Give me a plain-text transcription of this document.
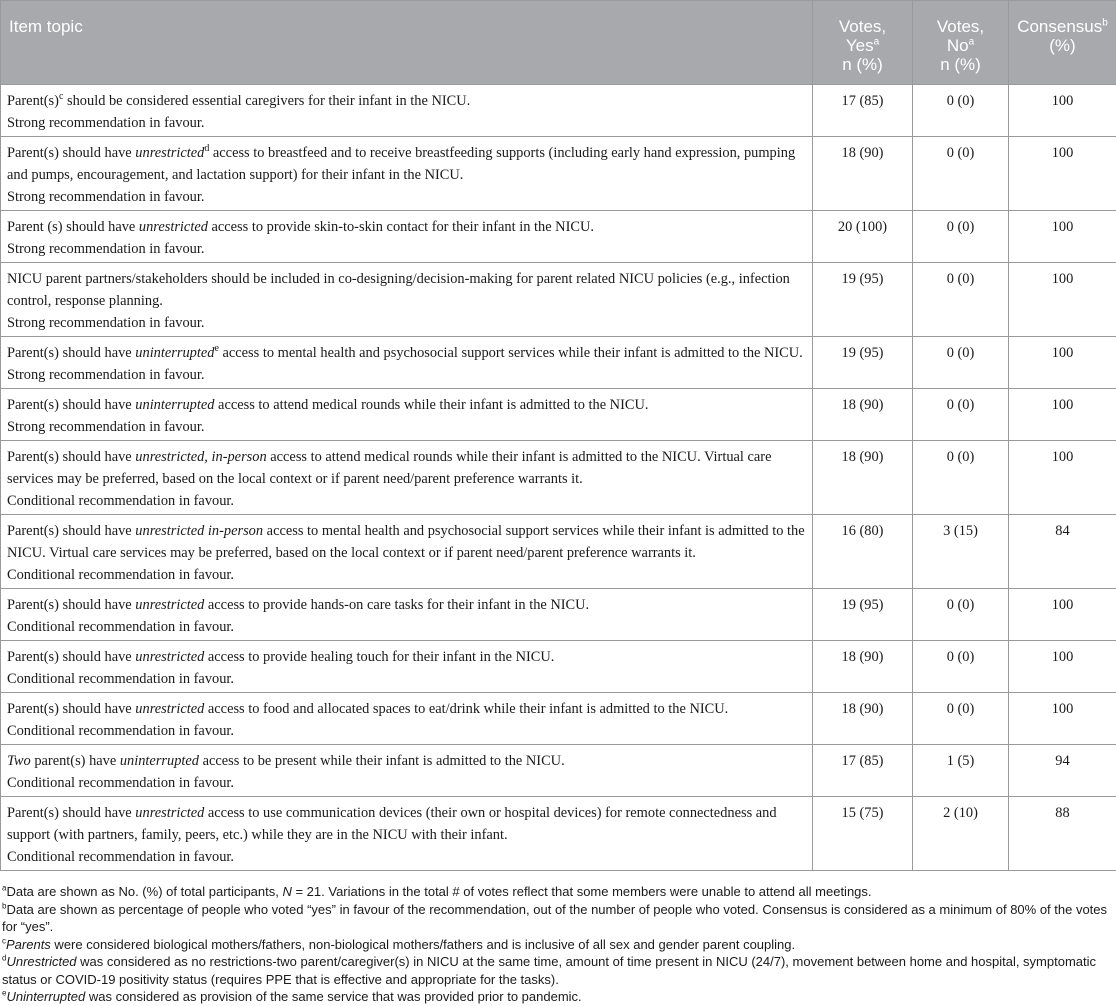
Item topic	Votes,
Yes$^a$
n (%)	Votes,
No$^a$
n (%)	Consensus$^b$
(%)
$Parent(s)^c$ should be considered essential caregivers for their infant in the NICU.
Strong recommendation in favour.	17 (85)	0 (0)	100
Parent(s) should have unrestricted$^d$ access to breastfeed and to receive breastfeeding supports (including early hand expression, pumping and pumps, encouragement, and lactation support) for their infant in the NICU.
Strong recommendation in favour.	18 (90)	0 (0)	100
Parent (s) should have unrestricted access to provide skin-to-skin contact for their infant in the NICU.
Strong recommendation in favour.	20 (100)	0 (0)	100
NICU parent partners/stakeholders should be included in co-designing/decision-making for parent related NICU policies (e.g., infection control, response planning.
Strong recommendation in favour.	19 (95)	0 (0)	100
Parent(s) should have uninterrupted$^e$ access to mental health and psychosocial support services while their infant is admitted to the NICU.
Strong recommendation in favour.	19 (95)	0 (0)	100
Parent(s) should have uninterrupted access to attend medical rounds while their infant is admitted to the NICU.
Strong recommendation in favour.	18 (90)	0 (0)	100
Parent(s) should have unrestricted, in-person access to attend medical rounds while their infant is admitted to the NICU. Virtual care services may be preferred, based on the local context or if parent need/parent preference warrants it.
Conditional recommendation in favour.	18 (90)	0 (0)	100
Parent(s) should have unrestricted in-person access to mental health and psychosocial support services while their infant is admitted to the NICU. Virtual care services may be preferred, based on the local context or if parent need/parent preference warrants it.
Conditional recommendation in favour.	16 (80)	3 (15)	84
Parent(s) should have unrestricted access to provide hands-on care tasks for their infant in the NICU.
Conditional recommendation in favour.	19 (95)	0 (0)	100
Parent(s) should have unrestricted access to provide healing touch for their infant in the NICU.
Conditional recommendation in favour.	18 (90)	0 (0)	100
Parent(s) should have unrestricted access to food and allocated spaces to eat/drink while their infant is admitted to the NICU.
Conditional recommendation in favour.	18 (90)	0 (0)	100
Two parent(s) have uninterrupted access to be present while their infant is admitted to the NICU.
Conditional recommendation in favour.	17 (85)	1 (5)	94
Parent(s) should have unrestricted access to use communication devices (their own or hospital devices) for remote connectedness and support (with partners, family, peers, etc.) while they are in the NICU with their infant.
Conditional recommendation in favour.	15 (75)	2 (10)	88

$^a$Data are shown as No. (%) of total participants, N = 21. Variations in the total # of votes reflect that some members were unable to attend all meetings.

$^b$Data are shown as percentage of people who voted “yes” in favour of the recommendation, out of the number of people who voted. Consensus is considered as a minimum of 80% of the votes for “yes”.

$^c$Parents were considered biological mothers/fathers, non-biological mothers/fathers and is inclusive of all sex and gender parent coupling.

$^d$Unrestricted was considered as no restrictions-two parent/caregiver(s) in NICU at the same time, amount of time present in NICU (24/7), movement between home and hospital, symptomatic status or COVID-19 positivity status (requires PPE that is effective and appropriate for the tasks).

$^e$Uninterrupted was considered as provision of the same service that was provided prior to pandemic.
